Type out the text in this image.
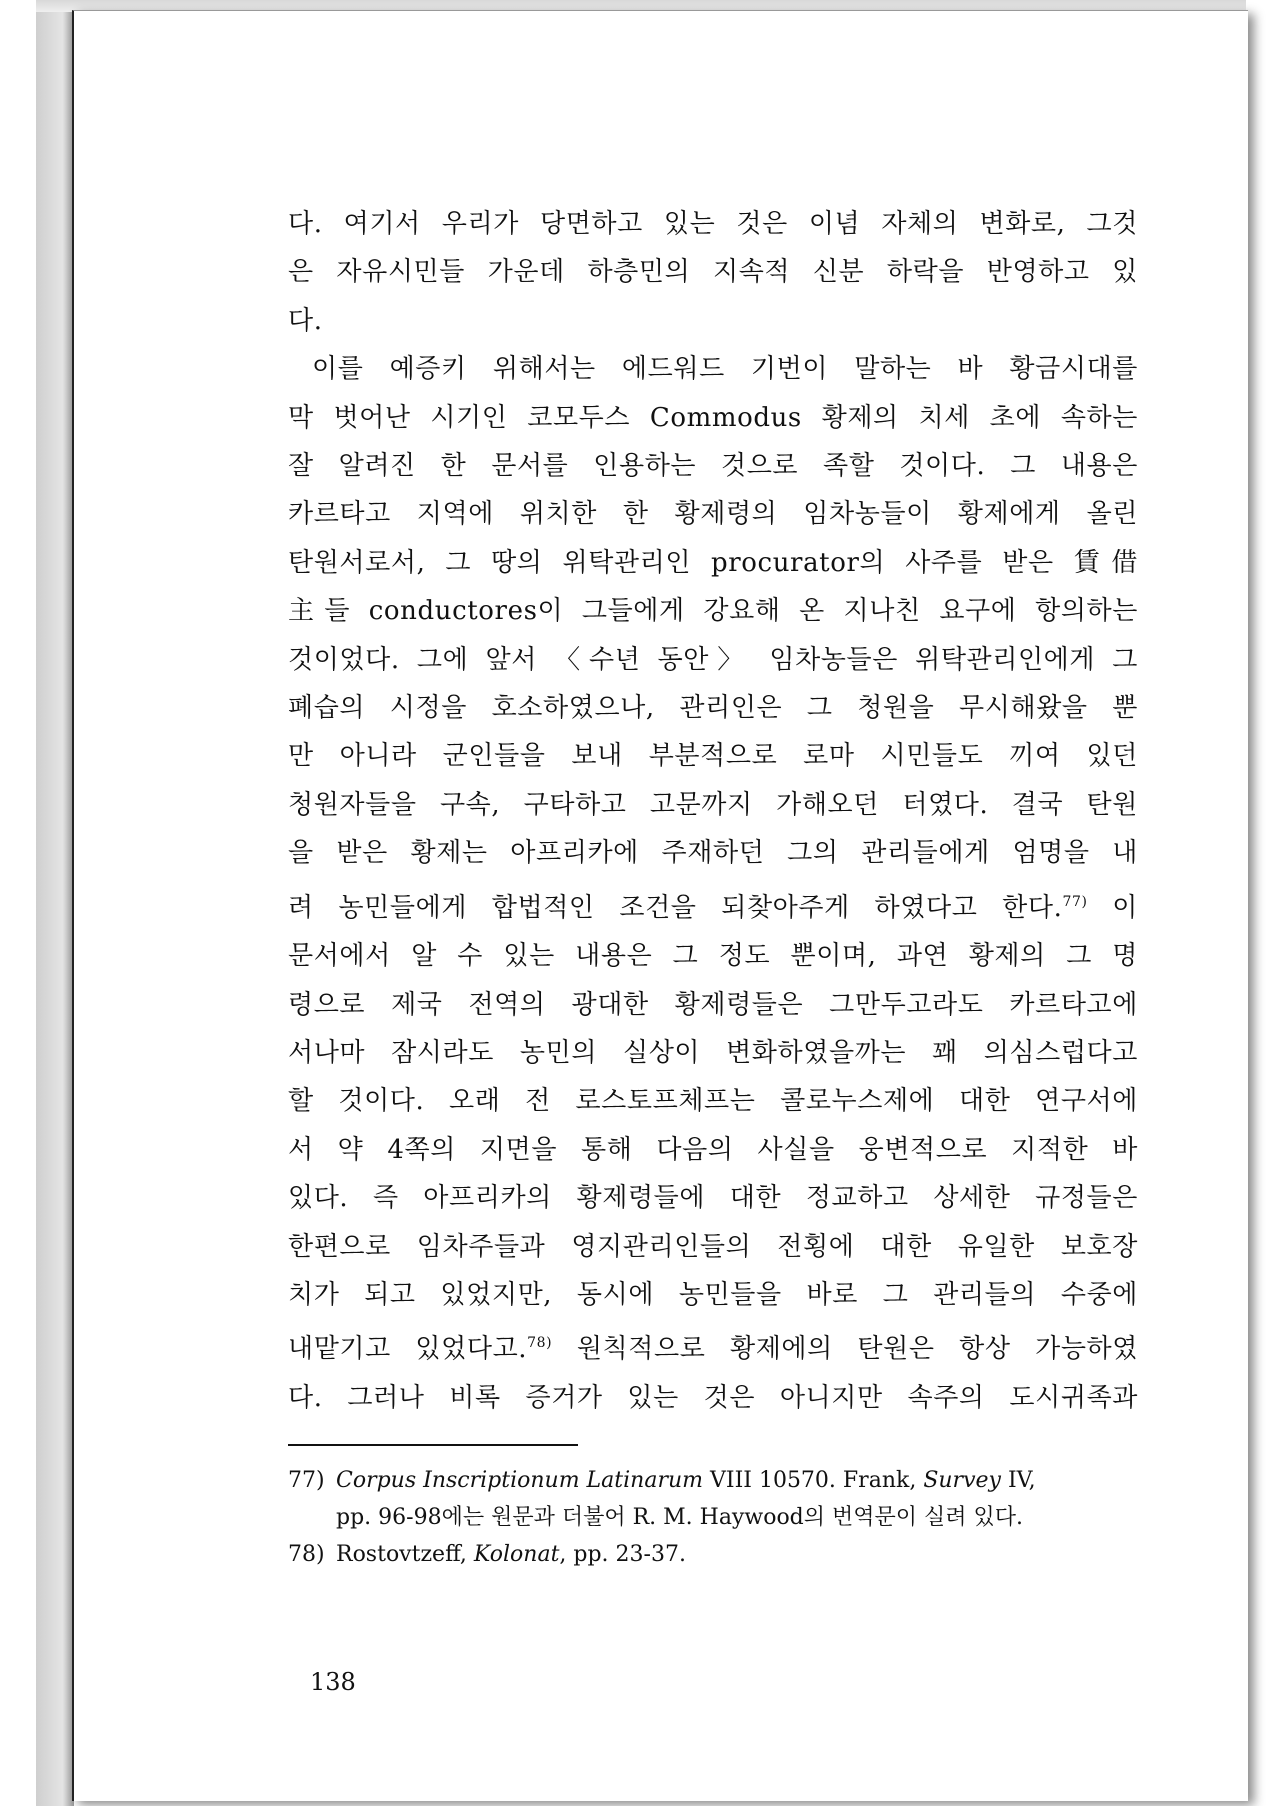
다. 여기서 우리가 당면하고 있는 것은 이념 자체의 변화로, 그것
은 자유시민들 가운데 하층민의 지속적 신분 하락을 반영하고 있
다.
이를 예증키 위해서는 에드워드 기번이 말하는 바 황금시대를
막 벗어난 시기인 코모두스 Commodus 황제의 치세 초에 속하는
잘 알려진 한 문서를 인용하는 것으로 족할 것이다. 그 내용은
카르타고 지역에 위치한 한 황제령의 임차농들이 황제에게 올린
탄원서로서, 그 땅의 위탁관리인 procurator의 사주를 받은 賃借
主들 conductores이 그들에게 강요해 온 지나친 요구에 항의하는
것이었다. 그에 앞서 〈수년 동안〉 임차농들은 위탁관리인에게 그
폐습의 시정을 호소하였으나, 관리인은 그 청원을 무시해왔을 뿐
만 아니라 군인들을 보내 부분적으로 로마 시민들도 끼여 있던
청원자들을 구속, 구타하고 고문까지 가해오던 터였다. 결국 탄원
을 받은 황제는 아프리카에 주재하던 그의 관리들에게 엄명을 내
려 농민들에게 합법적인 조건을 되찾아주게 하였다고 한다.$^{77)}$ 이
문서에서 알 수 있는 내용은 그 정도 뿐이며, 과연 황제의 그 명
령으로 제국 전역의 광대한 황제령들은 그만두고라도 카르타고에
서나마 잠시라도 농민의 실상이 변화하였을까는 꽤 의심스럽다고
할 것이다. 오래 전 로스토프체프는 콜로누스제에 대한 연구서에
서 약 4쪽의 지면을 통해 다음의 사실을 웅변적으로 지적한 바
있다. 즉 아프리카의 황제령들에 대한 정교하고 상세한 규정들은
한편으로 임차주들과 영지관리인들의 전횡에 대한 유일한 보호장
치가 되고 있었지만, 동시에 농민들을 바로 그 관리들의 수중에
내맡기고 있었다고.$^{78)}$ 원칙적으로 황제에의 탄원은 항상 가능하였
다. 그러나 비록 증거가 있는 것은 아니지만 속주의 도시귀족과

77) Corpus Inscriptionum Latinarum VIII 10570. Frank, Survey IV,
pp. 96-98에는 원문과 더불어 R. M. Haywood의 번역문이 실려 있다.

78) Rostovtzeff, Kolonat, pp. 23-37.

138
